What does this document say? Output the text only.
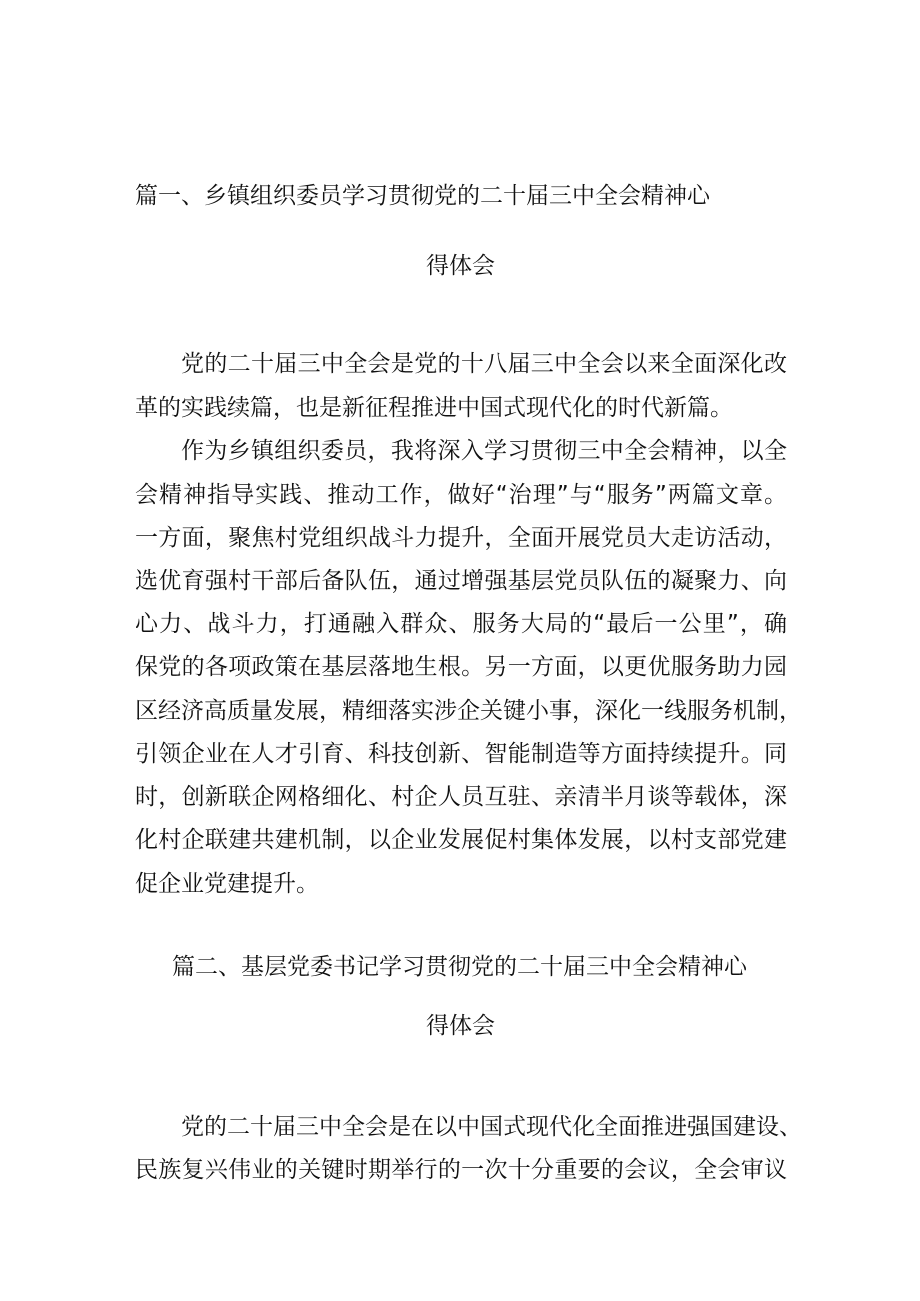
篇一、乡镇组织委员学习贯彻党的二十届三中全会精神心
得体会
党的二十届三中全会是党的十八届三中全会以来全面深化改
革的实践续篇，也是新征程推进中国式现代化的时代新篇。
作为乡镇组织委员，我将深入学习贯彻三中全会精神，以全
会精神指导实践、推动工作，做好“治理”与“服务”两篇文章。
一方面，聚焦村党组织战斗力提升，全面开展党员大走访活动，
选优育强村干部后备队伍，通过增强基层党员队伍的凝聚力、向
心力、战斗力，打通融入群众、服务大局的“最后一公里”，确
保党的各项政策在基层落地生根。另一方面，以更优服务助力园
区经济高质量发展，精细落实涉企关键小事，深化一线服务机制，
引领企业在人才引育、科技创新、智能制造等方面持续提升。同
时，创新联企网格细化、村企人员互驻、亲清半月谈等载体，深
化村企联建共建机制，以企业发展促村集体发展，以村支部党建
促企业党建提升。
篇二、基层党委书记学习贯彻党的二十届三中全会精神心
得体会
党的二十届三中全会是在以中国式现代化全面推进强国建设、
民族复兴伟业的关键时期举行的一次十分重要的会议，全会审议
